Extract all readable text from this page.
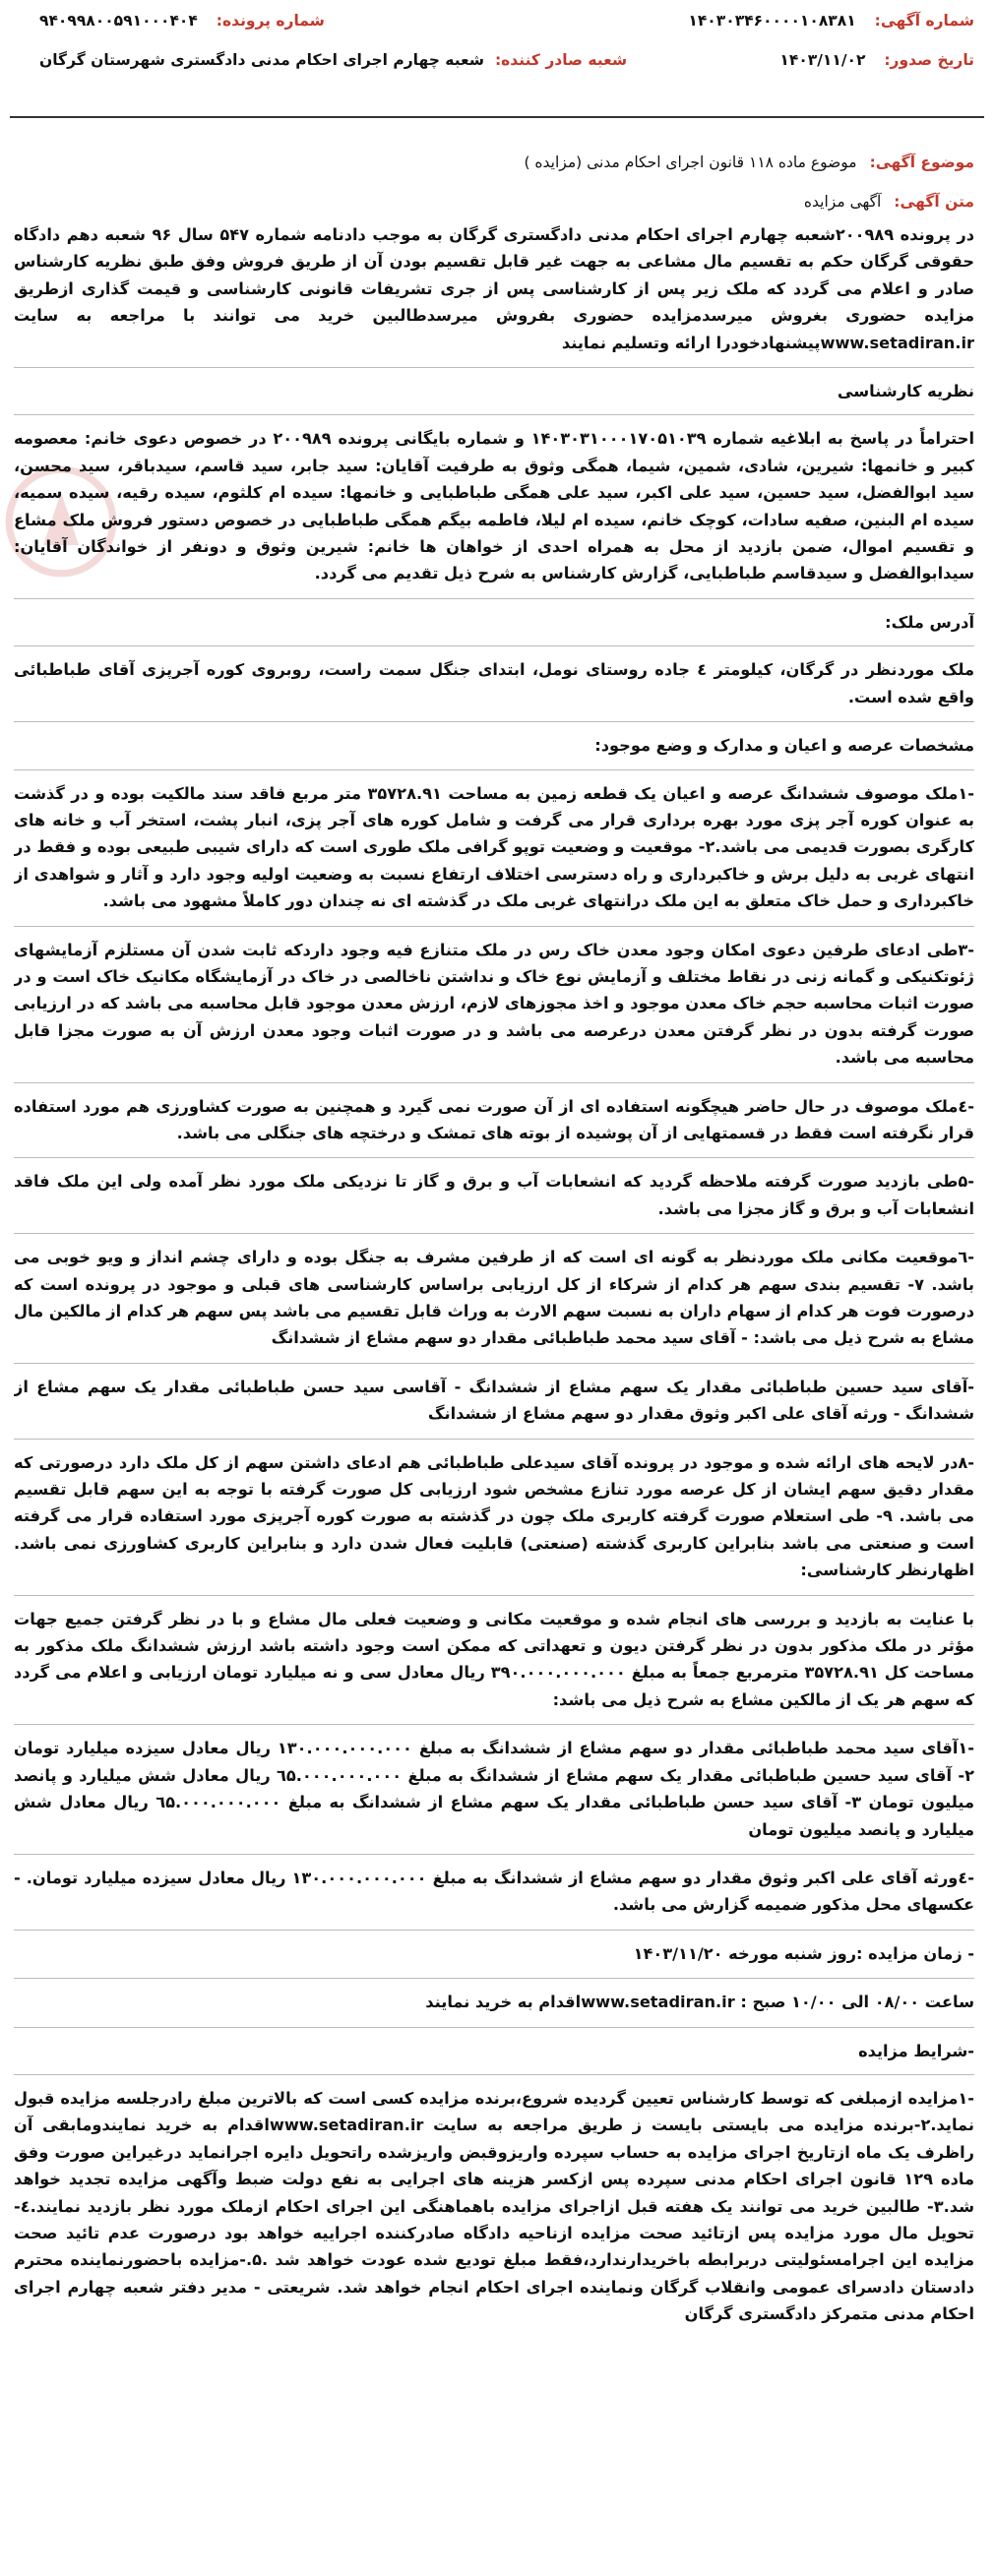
شماره آگهی: ۱۴۰۳۰۳۴۶۰۰۰۰۱۰۸۳۸۱
شماره پرونده: ۹۴۰۹۹۸۰۰۵۹۱۰۰۰۴۰۴
تاریخ صدور: ۱۴۰۳/۱۱/۰۲
شعبه صادر کننده: شعبه چهارم اجرای احکام مدنی دادگستری شهرستان گرگان
موضوع آگهی: موضوع ماده ۱۱۸ قانون اجرای احکام مدنی (مزایده )
متن آگهی: آگهی مزایده

در پرونده ۲۰۰۹۸۹شعبه چهارم اجرای احکام مدنی دادگستری گرگان به موجب دادنامه شماره ۵۴۷ سال ۹۶ شعبه دهم دادگاه حقوقی گرگان حکم به تقسیم مال مشاعی به جهت غیر قابل تقسیم بودن آن از طریق فروش وفق طبق نظریه کارشناس صادر و اعلام می گردد که ملک زیر پس از کارشناسی پس از جری تشریفات قانونی کارشناسی و قیمت گذاری ازطریق مزایده حضوری بغروش میرسدمزایده حضوری بفروش میرسدطالبین خرید می توانند با مراجعه به سایت www.setadiran.irپیشنهادخودرا ارائه وتسلیم نمایند

نظریه کارشناسی

احتراماً در پاسخ به ابلاغیه شماره ۱۴۰۳۰۳۱۰۰۰۱۷۰۵۱۰۳۹ و شماره بایگانی پرونده ۲۰۰۹۸۹ در خصوص دعوی خانم: معصومه کبیر و خانمها: شیرین، شادی، شمین، شیما، همگی وثوق به طرفیت آقایان: سید جابر، سید قاسم، سیدباقر، سید محسن، سید ابوالفضل، سید حسین، سید علی اکبر، سید علی همگی طباطبایی و خانمها: سیده ام کلثوم، سیده رقیه، سیده سمیه، سیده ام البنین، صفیه سادات، کوچک خانم، سیده ام لیلا، فاطمه بیگم همگی طباطبایی در خصوص دستور فروش ملک مشاع و تقسیم اموال، ضمن بازدید از محل به همراه احدی از خواهان ها خانم: شیرین وثوق و دونفر از خواندگان آقایان: سیدابوالفضل و سیدقاسم طباطبایی، گزارش کارشناس به شرح ذیل تقدیم می گردد.

آدرس ملک:

ملک موردنظر در گرگان، کیلومتر ٤ جاده روستای نومل، ابتدای جنگل سمت راست، روبروی کوره آجرپزی آقای طباطبائی واقع شده است.

مشخصات عرصه و اعیان و مدارک و وضع موجود:

-۱ملک موصوف ششدانگ عرصه و اعیان یک قطعه زمین به مساحت ۳۵۷۲۸.۹۱ متر مربع فاقد سند مالکیت بوده و در گذشت به عنوان کوره آجر پزی مورد بهره برداری قرار می گرفت و شامل کوره های آجر پزی، انبار پشت، استخر آب و خانه های کارگری بصورت قدیمی می باشد.۲- موقعیت و وضعیت توپو گرافی ملک طوری است که دارای شیبی طبیعی بوده و فقط در انتهای غربی به دلیل برش و خاکبرداری و راه دسترسی اختلاف ارتفاع نسبت به وضعیت اولیه وجود دارد و آثار و شواهدی از خاکبرداری و حمل خاک متعلق به این ملک درانتهای غربی ملک در گذشته ای نه چندان دور کاملاً مشهود می باشد.

-۳طی ادعای طرفین دعوی امکان وجود معدن خاک رس در ملک متنازع فیه وجود داردکه ثابت شدن آن مستلزم آزمایشهای ژئوتکنیکی و گمانه زنی در نقاط مختلف و آزمایش نوع خاک و نداشتن ناخالصی در خاک در آزمایشگاه مکانیک خاک است و در صورت اثبات محاسبه حجم خاک معدن موجود و اخذ مجوزهای لازم، ارزش معدن موجود قابل محاسبه می باشد که در ارزیابی صورت گرفته بدون در نظر گرفتن معدن درعرصه می باشد و در صورت اثبات وجود معدن ارزش آن به صورت مجزا قابل محاسبه می باشد.

-٤ملک موصوف در حال حاضر هیچگونه استفاده ای از آن صورت نمی گیرد و همچنین به صورت کشاورزی هم مورد استفاده قرار نگرفته است فقط در قسمتهایی از آن پوشیده از بوته های تمشک و درختچه های جنگلی می باشد.

-۵طی بازدید صورت گرفته ملاحظه گردید که انشعابات آب و برق و گاز تا نزدیکی ملک مورد نظر آمده ولی این ملک فاقد انشعابات آب و برق و گاز مجزا می باشد.

-٦موقعیت مکانی ملک موردنظر به گونه ای است که از طرفین مشرف به جنگل بوده و دارای چشم انداز و ویو خوبی می باشد. ۷- تقسیم بندی سهم هر کدام از شرکاء از کل ارزیابی براساس کارشناسی های قبلی و موجود در پرونده است که درصورت فوت هر کدام از سهام داران به نسبت سهم الارث به وراث قابل تقسیم می باشد پس سهم هر کدام از مالکین مال مشاع به شرح ذیل می باشد: - آقای سید محمد طباطبائی مقدار دو سهم مشاع از ششدانگ

-آقای سید حسین طباطبائی مقدار یک سهم مشاع از ششدانگ - آقاسی سید حسن طباطبائی مقدار یک سهم مشاع از ششدانگ - ورثه آقای علی اکبر وثوق مقدار دو سهم مشاع از ششدانگ

-۸در لایحه های ارائه شده و موجود در پرونده آقای سیدعلی طباطبائی هم ادعای داشتن سهم از کل ملک دارد درصورتی که مقدار دقیق سهم ایشان از کل عرصه مورد تنازع مشخص شود ارزیابی کل صورت گرفته با توجه به این سهم قابل تقسیم می باشد. ۹- طی استعلام صورت گرفته کاربری ملک چون در گذشته به صورت کوره آجرپزی مورد استفاده قرار می گرفته است و صنعتی می باشد بنابراین کاربری گذشته (صنعتی) قابلیت فعال شدن دارد و بنابراین کاربری کشاورزی نمی باشد. اظهارنظر کارشناسی:

با عنایت به بازدید و بررسی های انجام شده و موقعیت مکانی و وضعیت فعلی مال مشاع و با در نظر گرفتن جمیع جهات مؤثر در ملک مذکور بدون در نظر گرفتن دیون و تعهداتی که ممکن است وجود داشته باشد ارزش ششدانگ ملک مذکور به مساحت کل ۳۵۷۲۸.۹۱ مترمربع جمعاً به مبلغ ۳۹۰.۰۰۰.۰۰۰.۰۰۰ ریال معادل سی و نه میلیارد تومان ارزیابی و اعلام می گردد که سهم هر یک از مالکین مشاع به شرح ذیل می باشد:

-۱آقای سید محمد طباطبائی مقدار دو سهم مشاع از ششدانگ به مبلغ ۱۳۰.۰۰۰.۰۰۰.۰۰۰ ریال معادل سیزده میلیارد تومان ۲- آقای سید حسین طباطبائی مقدار یک سهم مشاع از ششدانگ به مبلغ ٦۵.۰۰۰.۰۰۰.۰۰۰ ریال معادل شش میلیارد و پانصد میلیون تومان ۳- آقای سید حسن طباطبائی مقدار یک سهم مشاع از ششدانگ به مبلغ ٦۵.۰۰۰.۰۰۰.۰۰۰ ریال معادل شش میلیارد و پانصد میلیون تومان

-٤ورثه آقای علی اکبر وثوق مقدار دو سهم مشاع از ششدانگ به مبلغ ۱۳۰.۰۰۰.۰۰۰.۰۰۰ ریال معادل سیزده میلیارد تومان. - عکسهای محل مذکور ضمیمه گزارش می باشد.

- زمان مزایده :روز شنبه مورخه ۱۴۰۳/۱۱/۲۰

ساعت ۰۸/۰۰ الی ۱۰/۰۰ صبح : www.setadiran.irاقدام به خرید نمایند

-شرایط مزایده

-۱مزایده ازمبلغی که توسط کارشناس تعیین گردیده شروع،برنده مزایده کسی است که بالاترین مبلغ رادرجلسه مزایده قبول نماید.۲-برنده مزایده می بایستی بایست ز طریق مراجعه به سایت www.setadiran.irاقدام به خرید نمایندومابقی آن راظرف یک ماه ازتاریخ اجرای مزایده به حساب سپرده واریزوقبض واریزشده راتحویل دایره اجرانماید درغیراین صورت وفق ماده ۱۲۹ قانون اجرای احکام مدنی سپرده پس ازکسر هزینه های اجرایی به نفع دولت ضبط وآگهی مزایده تجدید خواهد شد.۳- طالبین خرید می توانند یک هفته قبل ازاجرای مزایده باهماهنگی این اجرای احکام ازملک مورد نظر بازدید نمایند.٤-تحویل مال مورد مزایده پس ازتائید صحت مزایده ازناحیه دادگاه صادرکننده اجراییه خواهد بود درصورت عدم تائید صحت مزایده این اجرامسئولیتی دربرابطه باخریدارندارد،فقط مبلغ تودیع شده عودت خواهد شد .۵.-مزایده باحضورنماینده محترم دادستان دادسرای عمومی وانقلاب گرگان ونماینده اجرای احکام انجام خواهد شد. شریعتی - مدیر دفتر شعبه چهارم اجرای احکام مدنی متمرکز دادگستری گرگان
